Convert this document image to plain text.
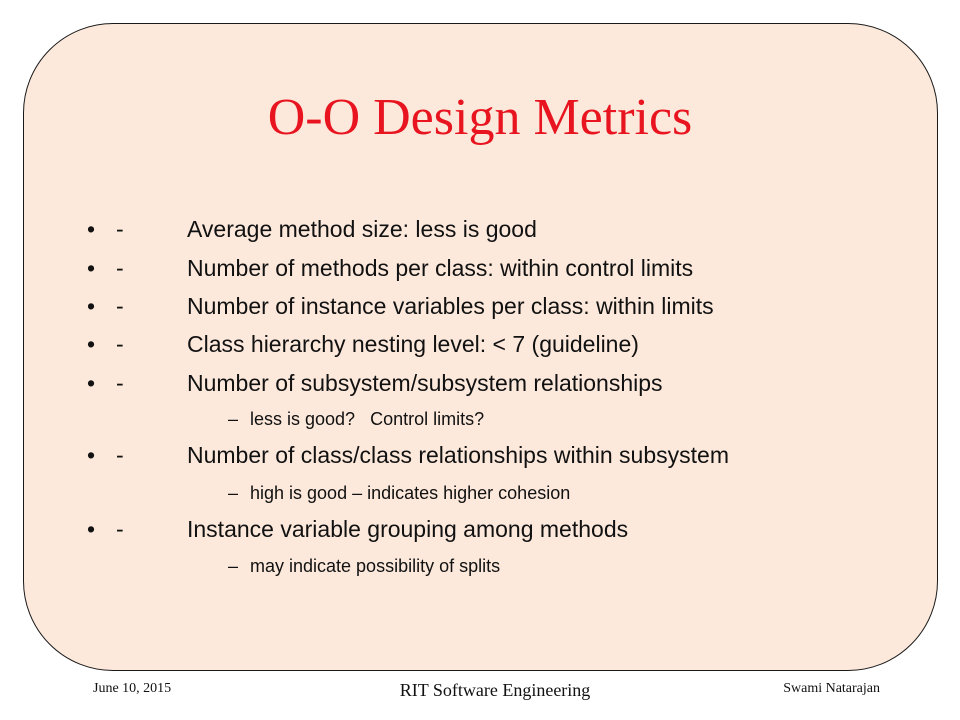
O-O Design Metrics
• -	Average method size: less is good
• -	Number of methods per class: within control limits
• -	Number of instance variables per class: within limits
• -	Class hierarchy nesting level: < 7 (guideline)
• -	Number of subsystem/subsystem relationships
– less is good?   Control limits?
• -	Number of class/class relationships within subsystem
– high is good – indicates higher cohesion
• -	Instance variable grouping among methods
– may indicate possibility of splits
June 10, 2015	RIT Software Engineering	Swami Natarajan
